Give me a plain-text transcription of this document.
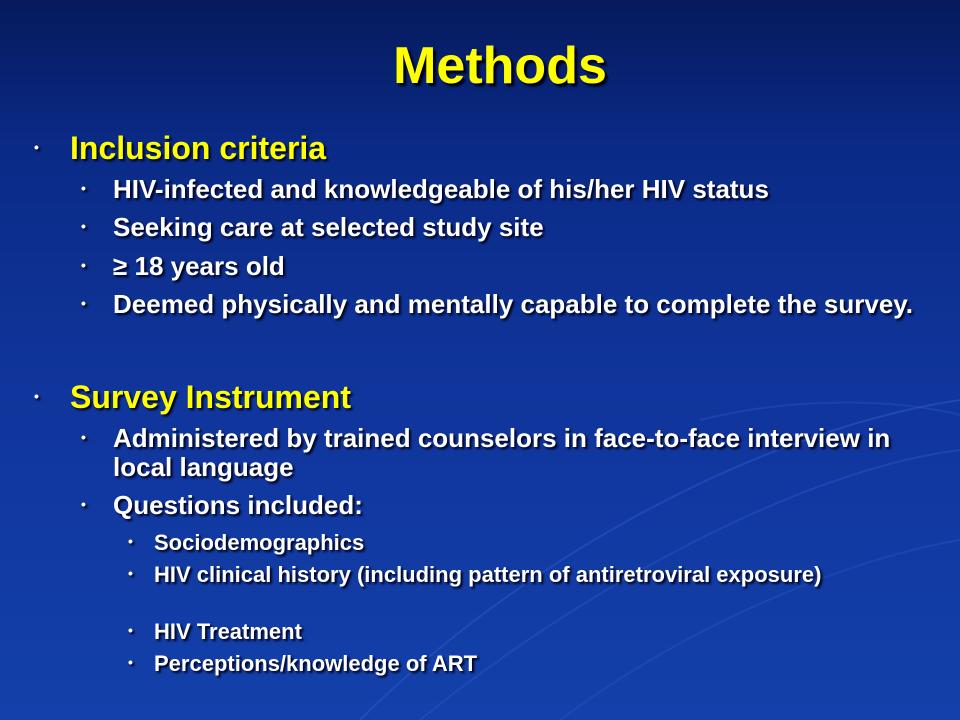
Methods
• Inclusion criteria
• HIV-infected and knowledgeable of his/her HIV status
• Seeking care at selected study site
• ≥ 18 years old
• Deemed physically and mentally capable to complete the survey.
• Survey Instrument
• Administered by trained counselors in face-to-face interview in local language
• Questions included:
• Sociodemographics
• HIV clinical history (including pattern of antiretroviral exposure)
• HIV Treatment
• Perceptions/knowledge of ART
